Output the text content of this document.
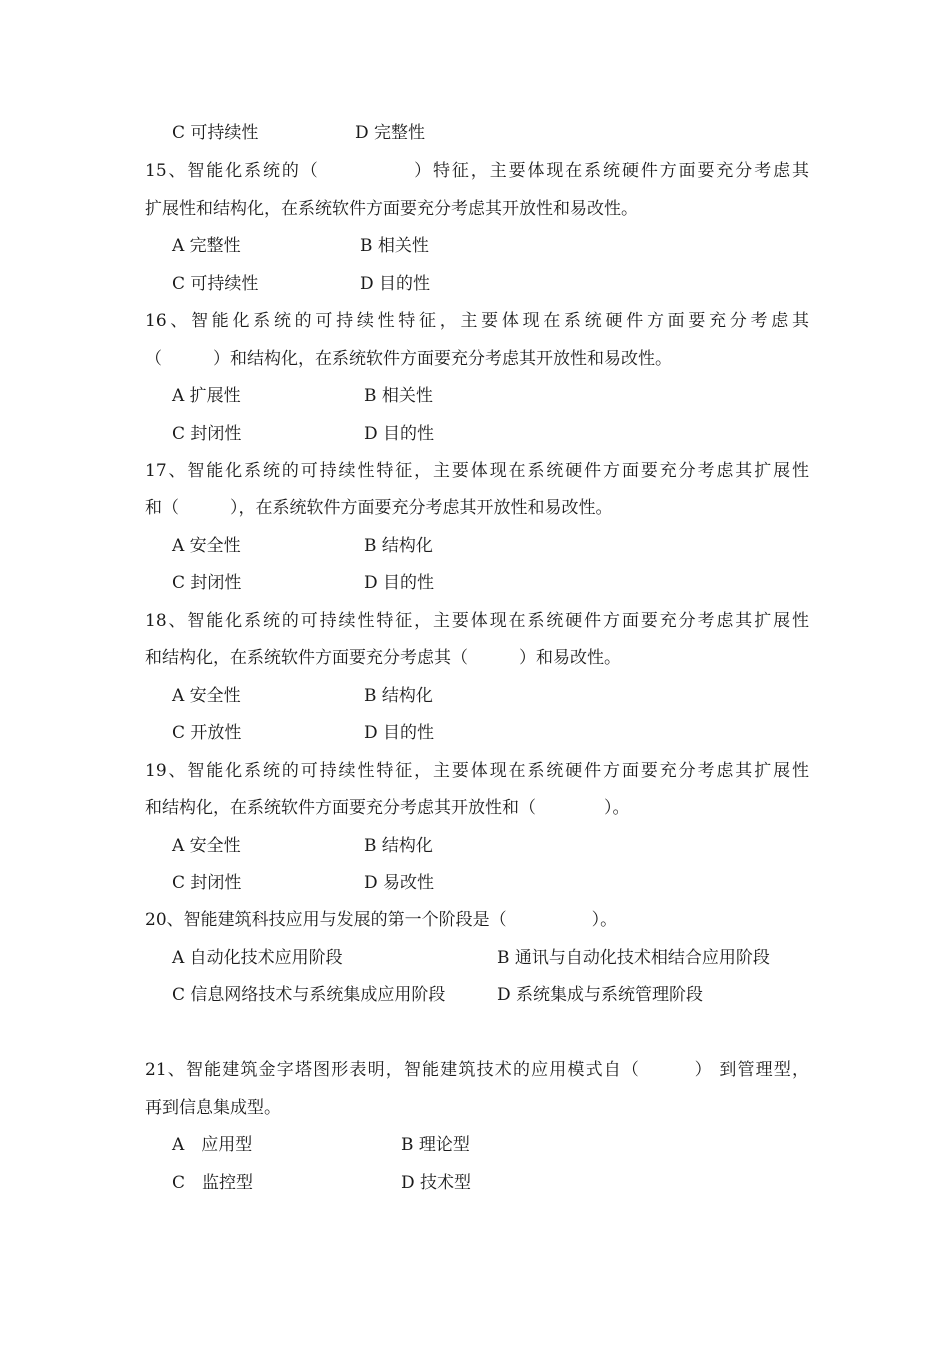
C 可持续性	D 完整性
15、智能化系统的（　　　　　）特征，主要体现在系统硬件方面要充分考虑其
扩展性和结构化，在系统软件方面要充分考虑其开放性和易改性。
A 完整性	B 相关性
C 可持续性	D 目的性
16、智能化系统的可持续性特征，主要体现在系统硬件方面要充分考虑其
（　　　）和结构化，在系统软件方面要充分考虑其开放性和易改性。
A 扩展性	B 相关性
C 封闭性	D 目的性
17、智能化系统的可持续性特征，主要体现在系统硬件方面要充分考虑其扩展性
和（　　　），在系统软件方面要充分考虑其开放性和易改性。
A 安全性	B 结构化
C 封闭性	D 目的性
18、智能化系统的可持续性特征，主要体现在系统硬件方面要充分考虑其扩展性
和结构化，在系统软件方面要充分考虑其（　　　）和易改性。
A 安全性	B 结构化
C 开放性	D 目的性
19、智能化系统的可持续性特征，主要体现在系统硬件方面要充分考虑其扩展性
和结构化，在系统软件方面要充分考虑其开放性和（　　　　）。
A 安全性	B 结构化
C 封闭性	D 易改性
20、智能建筑科技应用与发展的第一个阶段是（　　　　　）。
A 自动化技术应用阶段	B 通讯与自动化技术相结合应用阶段
C 信息网络技术与系统集成应用阶段	D 系统集成与系统管理阶段
21、智能建筑金字塔图形表明，智能建筑技术的应用模式自（　　　） 到管理型，
再到信息集成型。
A　应用型	B 理论型
C　监控型	D 技术型
